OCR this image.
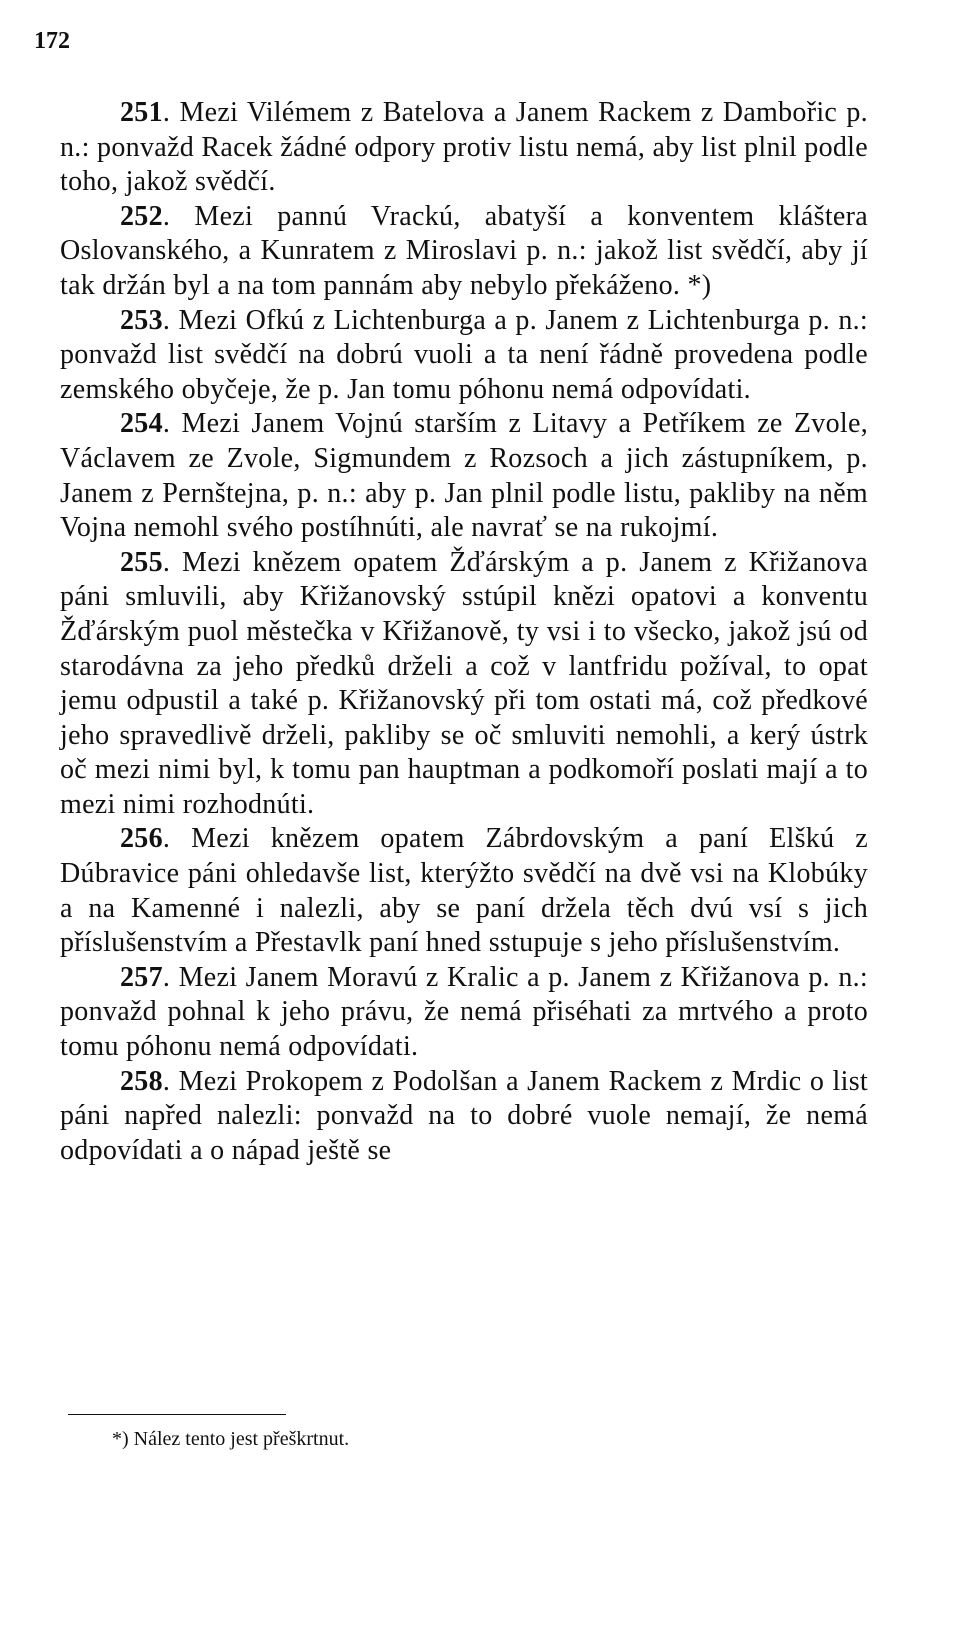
172

251. Mezi Vilémem z Batelova a Janem Rackem z Dambořic p. n.: ponvažd Racek žádné odpory protiv listu nemá, aby list plnil podle toho, jakož svědčí.

252. Mezi pannú Vrackú, abatyší a konventem kláštera Oslovanského, a Kunratem z Miroslavi p. n.: jakož list svědčí, aby jí tak držán byl a na tom pannám aby nebylo překáženo. *)

253. Mezi Ofkú z Lichtenburga a p. Janem z Lichtenburga p. n.: ponvažd list svědčí na dobrú vuoli a ta není řádně provedena podle zemského obyčeje, že p. Jan tomu póhonu nemá odpovídati.

254. Mezi Janem Vojnú starším z Litavy a Petříkem ze Zvole, Václavem ze Zvole, Sigmundem z Rozsoch a jich zástupníkem, p. Janem z Pernštejna, p. n.: aby p. Jan plnil podle listu, pakliby na něm Vojna nemohl svého postíhnúti, ale navrať se na rukojmí.

255. Mezi knězem opatem Žďárským a p. Janem z Křižanova páni smluvili, aby Křižanovský sstúpil knězi opatovi a konventu Žďárským puol městečka v Křižanově, ty vsi i to všecko, jakož jsú od starodávna za jeho předků drželi a což v lantfridu požíval, to opat jemu odpustil a také p. Křižanovský při tom ostati má, což předkové jeho spravedlivě drželi, pakliby se oč smluviti nemohli, a kerý ústrk oč mezi nimi byl, k tomu pan hauptman a podkomoří poslati mají a to mezi nimi rozhodnúti.

256. Mezi knězem opatem Zábrdovským a paní Elškú z Dúbravice páni ohledavše list, kterýžto svědčí na dvě vsi na Klobúky a na Kamenné i nalezli, aby se paní držela těch dvú vsí s jich příslušenstvím a Přestavlk paní hned sstupuje s jeho příslušenstvím.

257. Mezi Janem Moravú z Kralic a p. Janem z Křižanova p. n.: ponvažd pohnal k jeho právu, že nemá přiséhati za mrtvého a proto tomu póhonu nemá odpovídati.

258. Mezi Prokopem z Podolšan a Janem Rackem z Mrdic o list páni napřed nalezli: ponvažd na to dobré vuole nemají, že nemá odpovídati a o nápad ještě se

*) Nález tento jest přeškrtnut.
